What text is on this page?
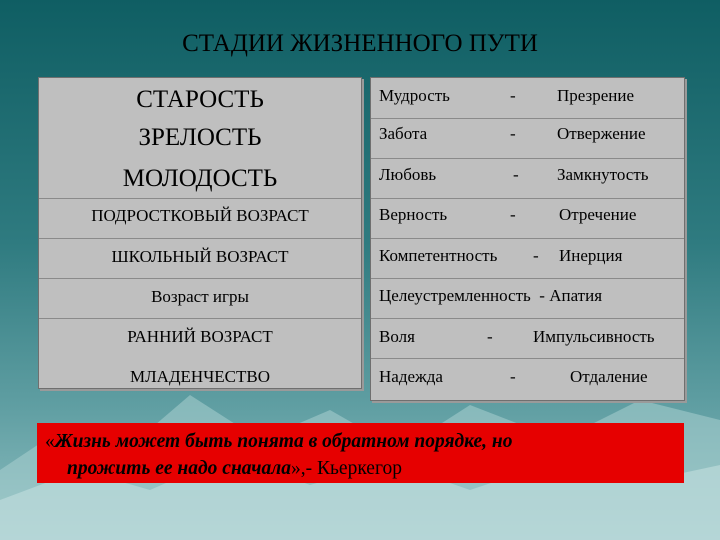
СТАДИИ ЖИЗНЕННОГО ПУТИ
СТАРОСТЬ
ЗРЕЛОСТЬ
МОЛОДОСТЬ
ПОДРОСТКОВЫЙ ВОЗРАСТ
ШКОЛЬНЫЙ ВОЗРАСТ
Возраст игры
РАННИЙ ВОЗРАСТ
МЛАДЕНЧЕСТВО
Мудрость	- Презрение
Забота	- Отвержение
Любовь	- Замкнутость
Верность	-	Отречение
Компетентность - Инерция
Целеустремленность  - Апатия
Воля	- Импульсивность
Надежда	-	Отдаление
«Жизнь может быть понята в обратном порядке, но
прожить ее надо сначала»,- Кьеркегор
